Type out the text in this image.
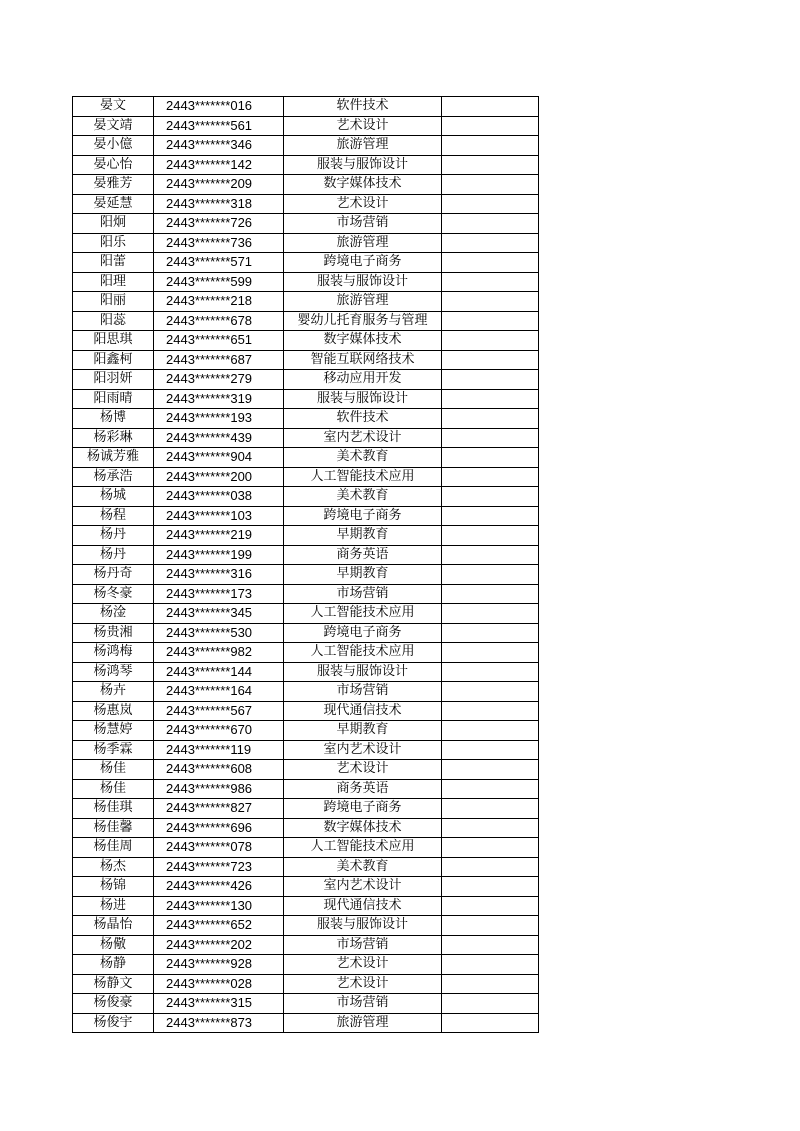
晏文	2443*******016	软件技术	
晏文靖	2443*******561	艺术设计	
晏小億	2443*******346	旅游管理	
晏心怡	2443*******142	服装与服饰设计	
晏雅芳	2443*******209	数字媒体技术	
晏延慧	2443*******318	艺术设计	
阳炯	2443*******726	市场营销	
阳乐	2443*******736	旅游管理	
阳蕾	2443*******571	跨境电子商务	
阳理	2443*******599	服装与服饰设计	
阳丽	2443*******218	旅游管理	
阳蕊	2443*******678	婴幼儿托育服务与管理	
阳思琪	2443*******651	数字媒体技术	
阳鑫柯	2443*******687	智能互联网络技术	
阳羽妍	2443*******279	移动应用开发	
阳雨晴	2443*******319	服装与服饰设计	
杨博	2443*******193	软件技术	
杨彩琳	2443*******439	室内艺术设计	
杨诚芳雅	2443*******904	美术教育	
杨承浩	2443*******200	人工智能技术应用	
杨城	2443*******038	美术教育	
杨程	2443*******103	跨境电子商务	
杨丹	2443*******219	早期教育	
杨丹	2443*******199	商务英语	
杨丹奇	2443*******316	早期教育	
杨冬豪	2443*******173	市场营销	
杨淦	2443*******345	人工智能技术应用	
杨贵湘	2443*******530	跨境电子商务	
杨鸿梅	2443*******982	人工智能技术应用	
杨鸿琴	2443*******144	服装与服饰设计	
杨卉	2443*******164	市场营销	
杨惠岚	2443*******567	现代通信技术	
杨慧婷	2443*******670	早期教育	
杨季霖	2443*******119	室内艺术设计	
杨佳	2443*******608	艺术设计	
杨佳	2443*******986	商务英语	
杨佳琪	2443*******827	跨境电子商务	
杨佳馨	2443*******696	数字媒体技术	
杨佳周	2443*******078	人工智能技术应用	
杨杰	2443*******723	美术教育	
杨锦	2443*******426	室内艺术设计	
杨进	2443*******130	现代通信技术	
杨晶怡	2443*******652	服装与服饰设计	
杨儆	2443*******202	市场营销	
杨静	2443*******928	艺术设计	
杨静文	2443*******028	艺术设计	
杨俊豪	2443*******315	市场营销	
杨俊宇	2443*******873	旅游管理	
